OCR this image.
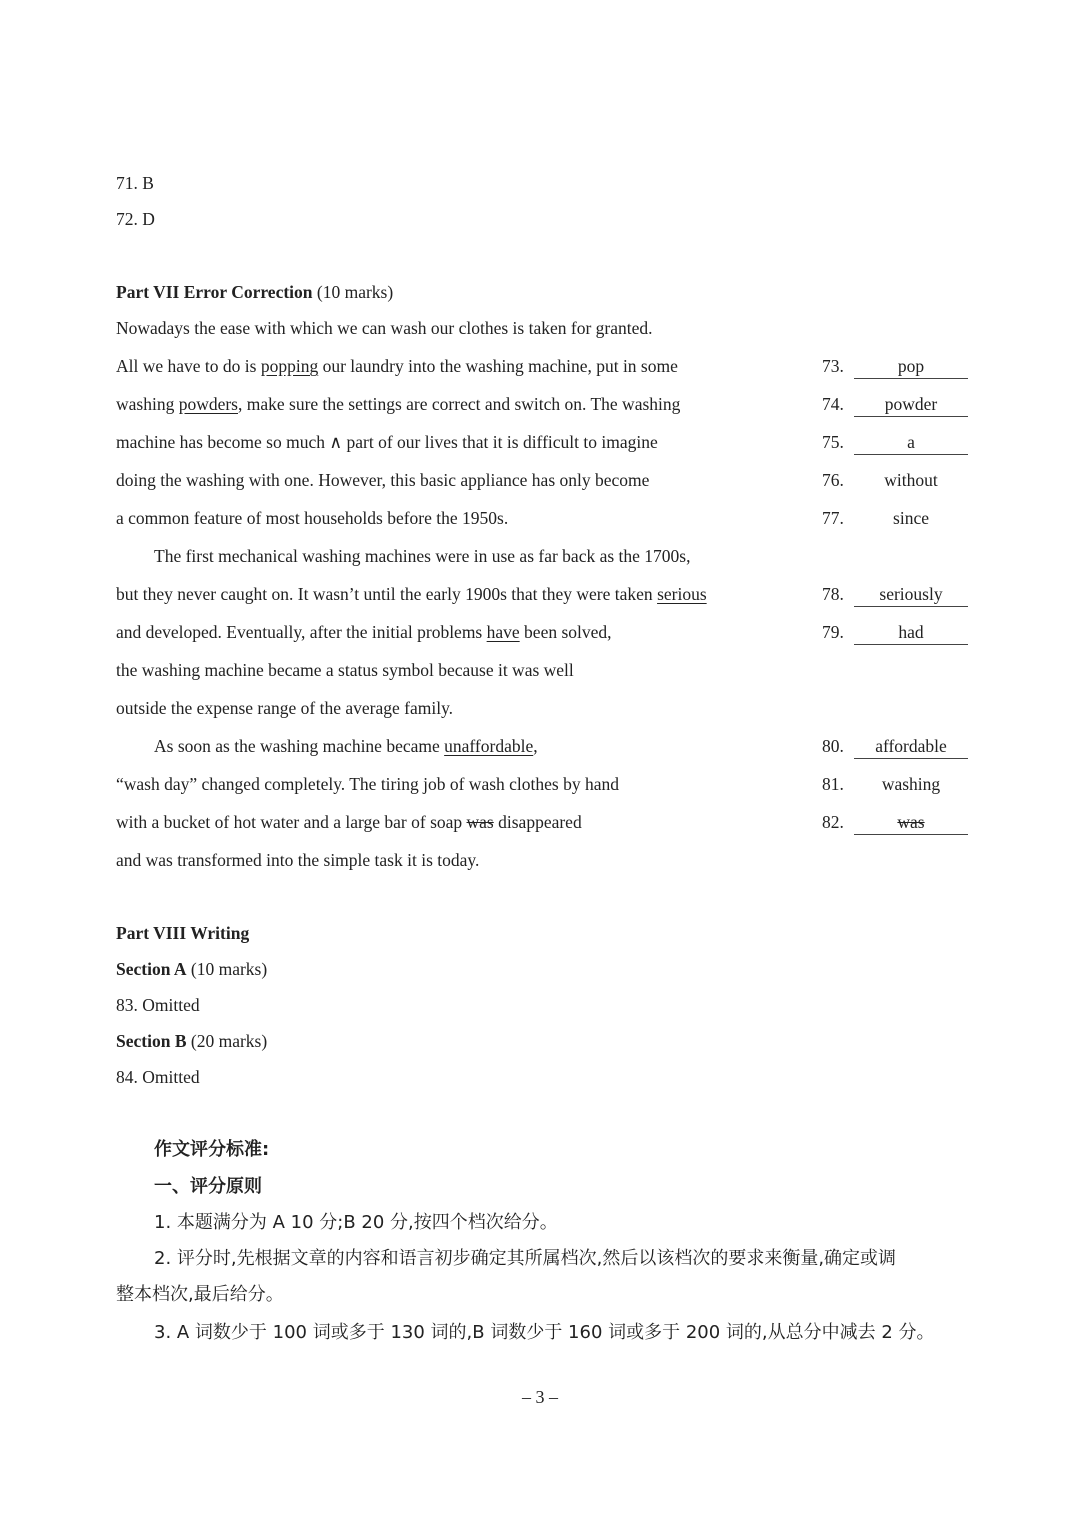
71. B
72. D
Part VII Error Correction (10 marks)
Nowadays the ease with which we can wash our clothes is taken for granted.
All we have to do is popping our laundry into the washing machine, put in some
washing powders, make sure the settings are correct and switch on. The washing
machine has become so much ∧ part of our lives that it is difficult to imagine
doing the washing with one. However, this basic appliance has only become
a common feature of most households before the 1950s.
The first mechanical washing machines were in use as far back as the 1700s,
but they never caught on. It wasn’t until the early 1900s that they were taken serious
and developed. Eventually, after the initial problems have been solved,
the washing machine became a status symbol because it was well
outside the expense range of the average family.
As soon as the washing machine became unaffordable,
“wash day” changed completely. The tiring job of wash clothes by hand
with a bucket of hot water and a large bar of soap was disappeared
and was transformed into the simple task it is today.
73.	pop
74. powder
75.	a
76. without
77.	since
78. seriously
79.	had
80. affordable
81. washing
82.	was
Part VIII Writing
Section A (10 marks)
83. Omitted
Section B (20 marks)
84. Omitted
作文评分标准:
一、评分原则
1. 本题满分为 A 10 分;B 20 分,按四个档次给分。
2. 评分时,先根据文章的内容和语言初步确定其所属档次,然后以该档次的要求来衡量,确定或调
整本档次,最后给分。
3. A 词数少于 100 词或多于 130 词的,B 词数少于 160 词或多于 200 词的,从总分中减去 2 分。
– 3 –
